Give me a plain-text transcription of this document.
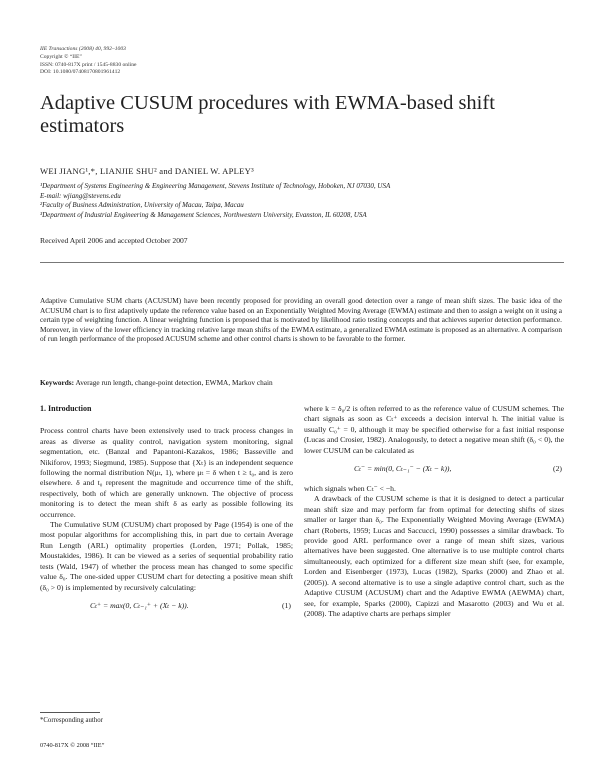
IIE Transactions (2008) 40, 992–1003
Copyright © “IIE”
ISSN: 0740-817X print / 1545-8830 online
DOI: 10.1080/07408170801961412
Adaptive CUSUM procedures with EWMA-based shift estimators
WEI JIANG¹,*, LIANJIE SHU² and DANIEL W. APLEY³
¹Department of Systems Engineering & Engineering Management, Stevens Institute of Technology, Hoboken, NJ 07030, USA
E-mail: wjiang@stevens.edu
²Faculty of Business Administration, University of Macau, Taipa, Macau
³Department of Industrial Engineering & Management Sciences, Northwestern University, Evanston, IL 60208, USA
Received April 2006 and accepted October 2007
Adaptive Cumulative SUM charts (ACUSUM) have been recently proposed for providing an overall good detection over a range of mean shift sizes. The basic idea of the ACUSUM chart is to first adaptively update the reference value based on an Exponentially Weighted Moving Average (EWMA) estimate and then to assign a weight on it using a certain type of weighting function. A linear weighting function is proposed that is motivated by likelihood ratio testing concepts and that achieves superior detection performance. Moreover, in view of the lower efficiency in tracking relative large mean shifts of the EWMA estimate, a generalized EWMA estimate is proposed as an alternative. A comparison of run length performance of the proposed ACUSUM scheme and other control charts is shown to be favorable to the former.
Keywords: Average run length, change-point detection, EWMA, Markov chain
1. Introduction

Process control charts have been extensively used to track process changes in areas as diverse as quality control, navigation system monitoring, signal segmentation, etc. (Banzal and Papantoni-Kazakos, 1986; Basseville and Nikiforov, 1993; Siegmund, 1985). Suppose that {Xₜ} is an independent sequence following the normal distribution N(μₜ, 1), where μₜ = δ when t ≥ t₀, and is zero elsewhere. δ and t₀ represent the magnitude and occurrence time of the shift, respectively, both of which are generally unknown. The objective of process monitoring is to detect the mean shift δ as early as possible following its occurrence.

The Cumulative SUM (CUSUM) chart proposed by Page (1954) is one of the most popular algorithms for accomplishing this, in part due to certain Average Run Length (ARL) optimality properties (Lorden, 1971; Pollak, 1985; Moustakides, 1986). It can be viewed as a series of sequential probability ratio tests (Wald, 1947) of whether the process mean has changed to some specific value δ₀. The one-sided upper CUSUM chart for detecting a positive mean shift (δ₀ > 0) is implemented by recursively calculating:

Cₜ⁺ = max(0, Cₜ₋₁⁺ + (Xₜ − k)).	(1)

where k = δ₀/2 is often referred to as the reference value of CUSUM schemes. The chart signals as soon as Cₜ⁺ exceeds a decision interval h. The initial value is usually C₀⁺ = 0, although it may be specified otherwise for a fast initial response (Lucas and Crosier, 1982). Analogously, to detect a negative mean shift (δ₀ < 0), the lower CUSUM can be calculated as

Cₜ⁻ = min(0, Cₜ₋₁⁻ − (Xₜ − k)),	(2)

which signals when Cₜ⁻ < −h.

A drawback of the CUSUM scheme is that it is designed to detect a particular mean shift size and may perform far from optimal for detecting shifts of sizes smaller or larger than δ₀. The Exponentially Weighted Moving Average (EWMA) chart (Roberts, 1959; Lucas and Saccucci, 1990) possesses a similar drawback. To provide good ARL performance over a range of mean shift sizes, various alternatives have been suggested. One alternative is to use multiple control charts simultaneously, each optimized for a different size mean shift (see, for example, Lorden and Eisenberger (1973), Lucas (1982), Sparks (2000) and Zhao et al. (2005)). A second alternative is to use a single adaptive control chart, such as the Adaptive CUSUM (ACUSUM) chart and the Adaptive EWMA (AEWMA) chart, see, for example, Sparks (2000), Capizzi and Masarotto (2003) and Wu et al. (2008). The adaptive charts are perhaps simpler

*Corresponding author
0740-817X © 2008 “IIE”
